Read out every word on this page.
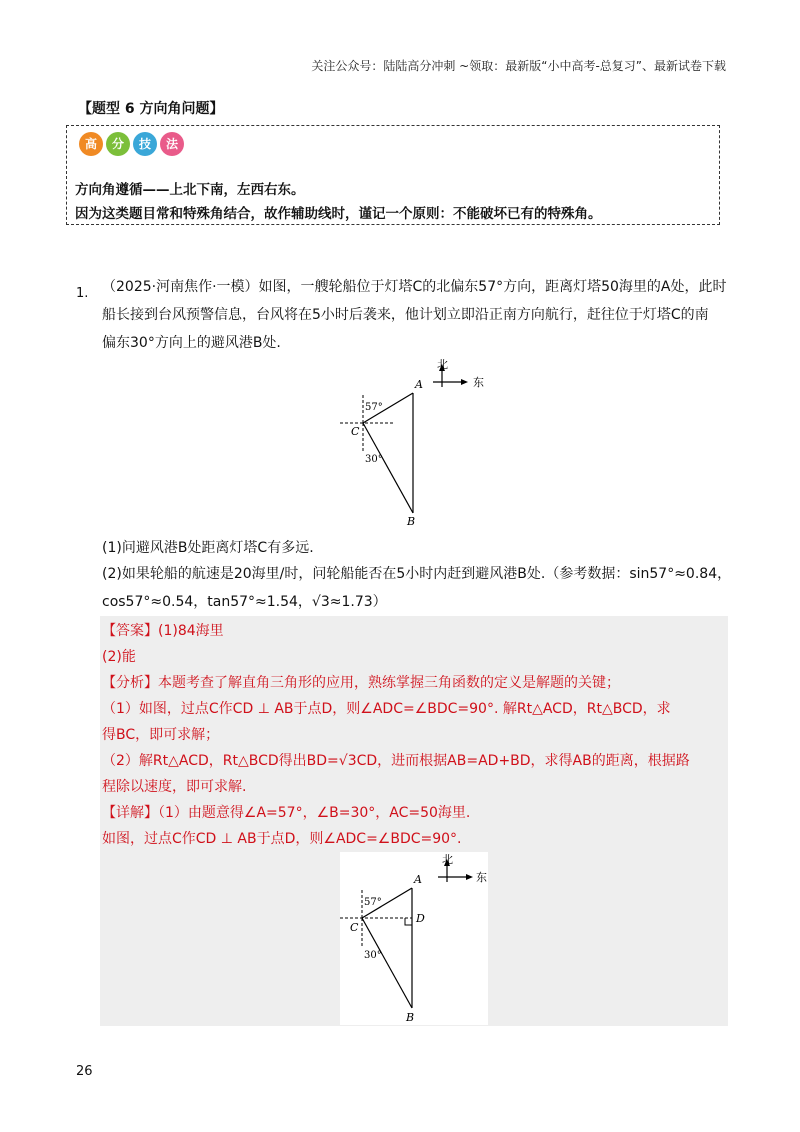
关注公众号：陆陆高分冲刺 ~领取：最新版“小中高考-总复习”、最新试卷下载
【题型 6 方向角问题】
高	分	技	法
方向角遵循——上北下南，左西右东。
因为这类题目常和特殊角结合，故作辅助线时，谨记一个原则：不能破坏已有的特殊角。
1. （2025·河南焦作·一模）如图，一艘轮船位于灯塔C的北偏东57°方向，距离灯塔50海里的A处，此时
船长接到台风预警信息，台风将在5小时后袭来，他计划立即沿正南方向航行，赶往位于灯塔C的南
偏东30°方向上的避风港B处.
北
东
A
B
C
57°
30°
(1)问避风港B处距离灯塔C有多远.
(2)如果轮船的航速是20海里/时，问轮船能否在5小时内赶到避风港B处.（参考数据：sin57°≈0.84，
cos57°≈0.54，tan57°≈1.54，√3≈1.73）
【答案】(1)84海里
(2)能
【分析】本题考查了解直角三角形的应用，熟练掌握三角函数的定义是解题的关键；
（1）如图，过点C作CD ⊥ AB于点D，则∠ADC=∠BDC=90°. 解Rt△ACD，Rt△BCD，求
得BC，即可求解；
（2）解Rt△ACD，Rt△BCD得出BD=√3CD，进而根据AB=AD+BD，求得AB的距离，根据路
程除以速度，即可求解.
【详解】（1）由题意得∠A=57°，∠B=30°，AC=50海里.
如图，过点C作CD ⊥ AB于点D，则∠ADC=∠BDC=90°.
北
东
A
B
C
D
57°
30°
26
